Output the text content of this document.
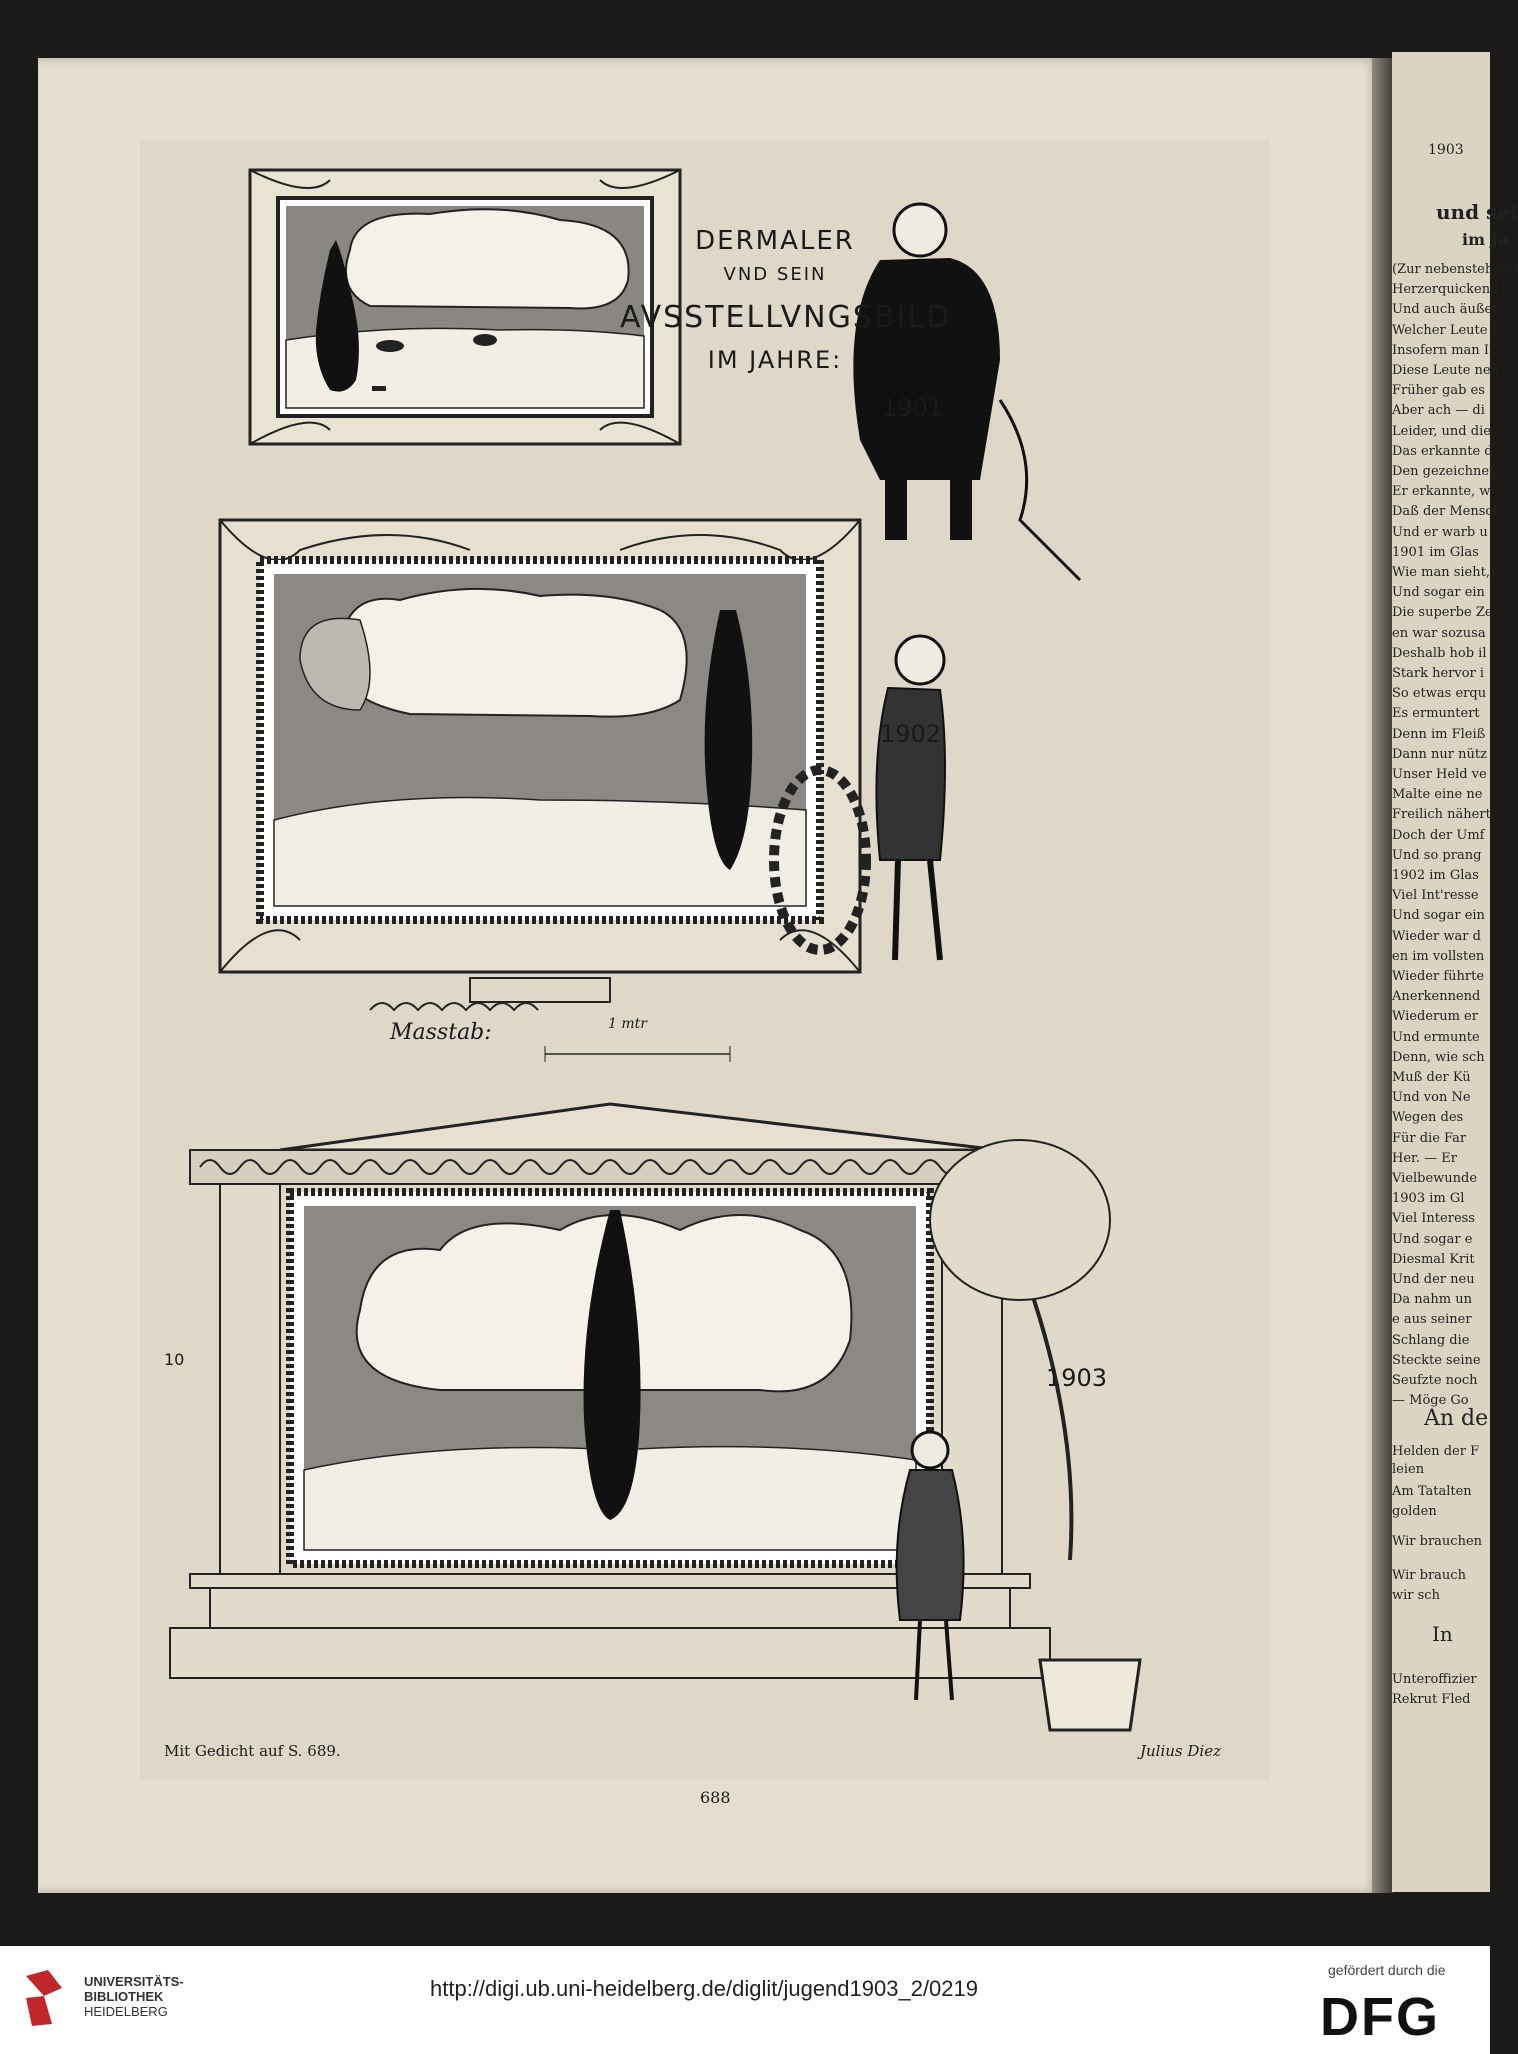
1903
und sei
im Ja
(Zur nebenstehend
Herzerquickend
Und auch äußer
Welcher Leute f
Insofern man I
Diese Leute nen
Früher gab es
Aber ach — di
Leider, und die
Das erkannte d
Den gezeichnet
Er erkannte, w
Daß der Mensch
Und er warb u
1901 im Glas
Wie man sieht,
Und sogar ein
Die superbe Ze
en war sozusa
Deshalb hob il
Stark hervor i
So etwas erqu
Es ermuntert
Denn im Fleiß
Dann nur nütz
Unser Held ve
Malte eine ne
Freilich nähert
Doch der Umf
Und so prang
1902 im Glas
Viel Int'resse
Und sogar ein
Wieder war d
en im vollsten
Wieder führte
Anerkennend
Wiederum er
Und ermunte
Denn, wie sch
Muß der Kü
Und von Ne
Wegen des
Für die Far
Her. — Er
Vielbewunde
1903 im Gl
Viel Interess
Und sogar e
Diesmal Krit
Und der neu
Da nahm un
e aus seiner
Schlang die
Steckte seine
Seufzte noch
— Möge Go
An de
Helden der F
leien
Am Tatalten
golden
Wir brauchen
Wir brauch
wir sch
In
Unteroffizier
Rekrut Fled
DERMALER
VND SEIN
AVSSTELLVNGSBILD
IM JAHRE:
1901
1902
1903
Masstab:	1 mtr
10
Mit Gedicht auf S. 689.	Julius Diez
688
UNIVERSITÄTS-
BIBLIOTHEK
HEIDELBERG
http://digi.ub.uni-heidelberg.de/diglit/jugend1903_2/0219
gefördert durch die
DFG
